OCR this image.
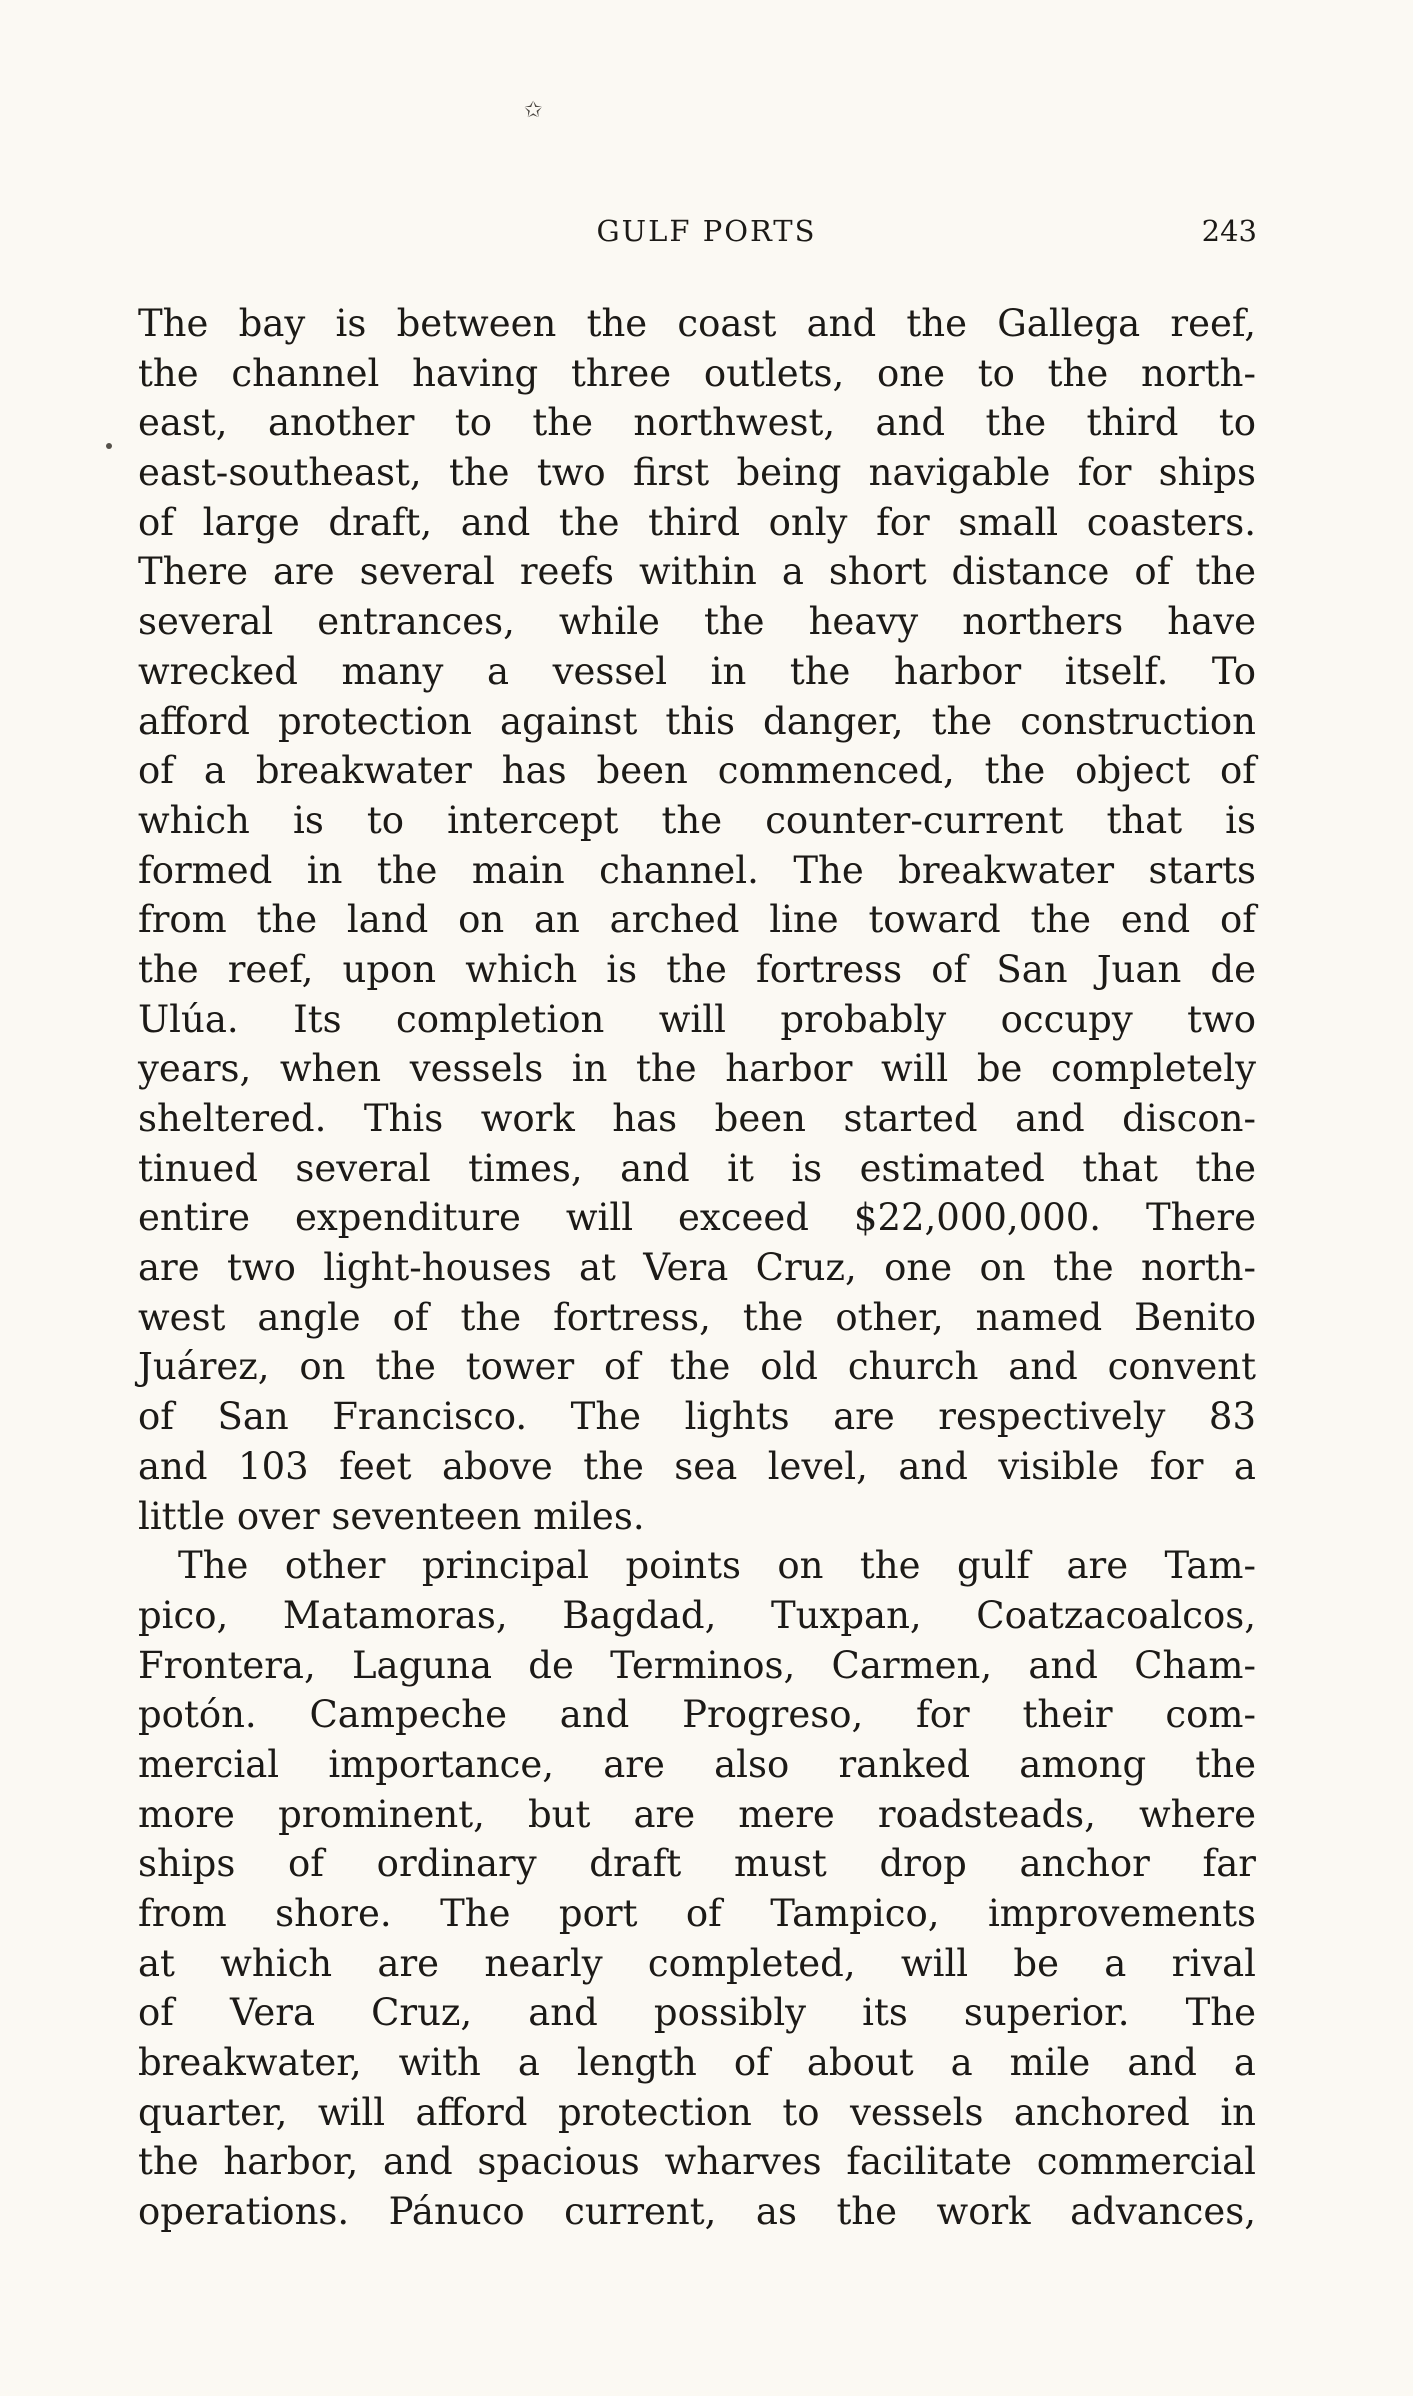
✩
GULF PORTS	243

The bay is between the coast and the Gallega reef,
the channel having three outlets, one to the north-
east, another to the northwest, and the third to
east-southeast, the two first being navigable for ships
of large draft, and the third only for small coasters.
There are several reefs within a short distance of the
several entrances, while the heavy northers have
wrecked many a vessel in the harbor itself. To
afford protection against this danger, the construction
of a breakwater has been commenced, the object of
which is to intercept the counter-current that is
formed in the main channel. The breakwater starts
from the land on an arched line toward the end of
the reef, upon which is the fortress of San Juan de
Ulúa. Its completion will probably occupy two
years, when vessels in the harbor will be completely
sheltered. This work has been started and discon-
tinued several times, and it is estimated that the
entire expenditure will exceed $22,000,000. There
are two light-houses at Vera Cruz, one on the north-
west angle of the fortress, the other, named Benito
Juárez, on the tower of the old church and convent
of San Francisco. The lights are respectively 83
and 103 feet above the sea level, and visible for a
little over seventeen miles.

The other principal points on the gulf are Tam-
pico, Matamoras, Bagdad, Tuxpan, Coatzacoalcos,
Frontera, Laguna de Terminos, Carmen, and Cham-
potón. Campeche and Progreso, for their com-
mercial importance, are also ranked among the
more prominent, but are mere roadsteads, where
ships of ordinary draft must drop anchor far
from shore. The port of Tampico, improvements
at which are nearly completed, will be a rival
of Vera Cruz, and possibly its superior. The
breakwater, with a length of about a mile and a
quarter, will afford protection to vessels anchored in
the harbor, and spacious wharves facilitate commercial
operations. Pánuco current, as the work advances,
